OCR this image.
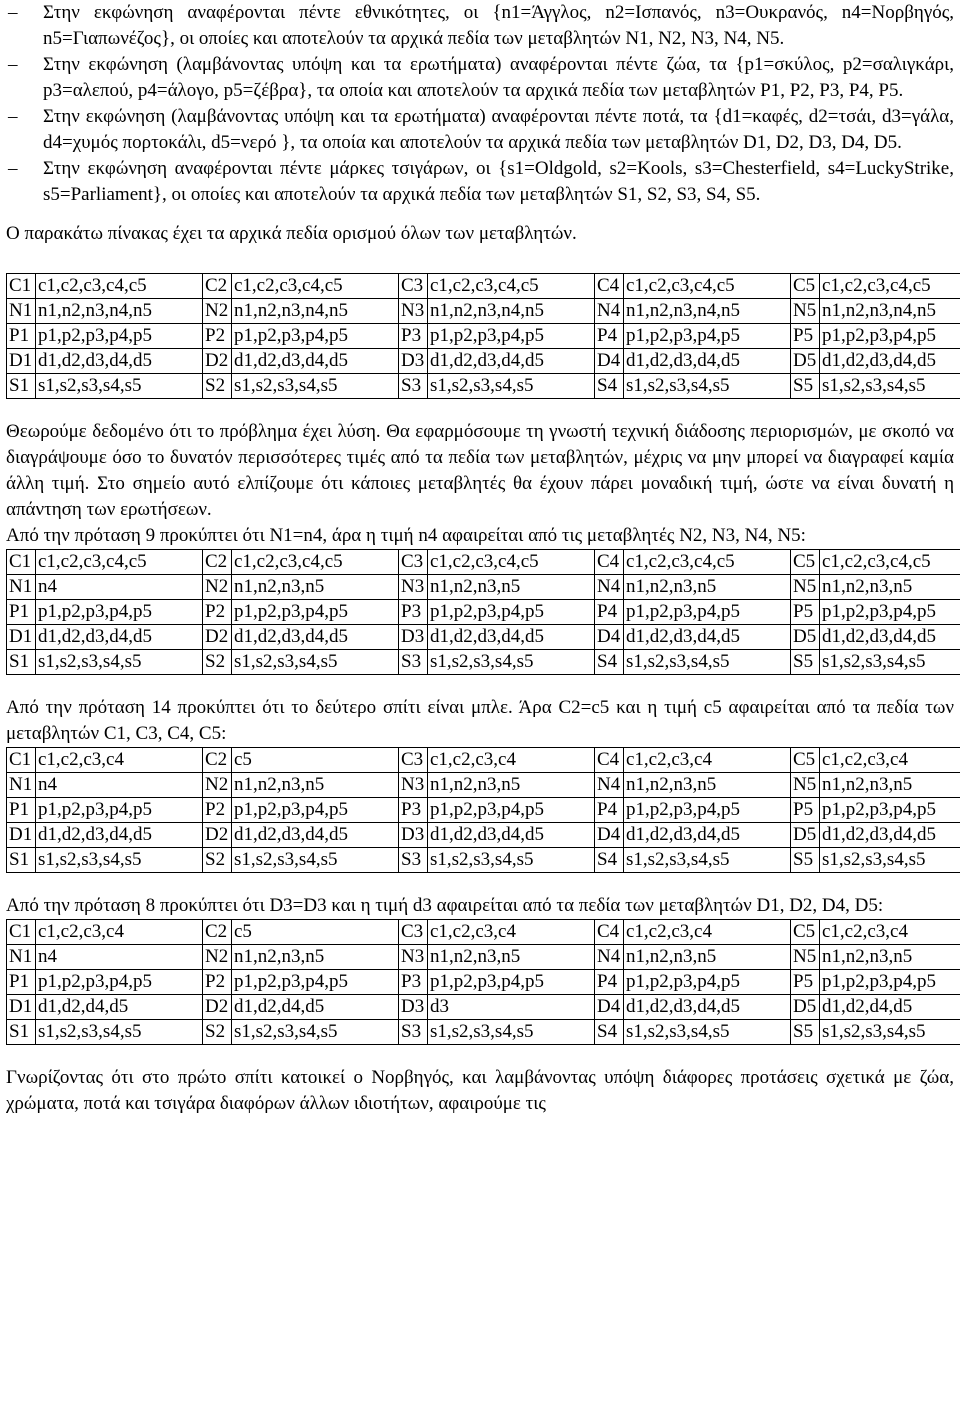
–	Στην εκφώνηση αναφέρονται πέντε εθνικότητες, οι {n1=Άγγλος, n2=Ισπανός, n3=Ουκρανός, n4=Νορβηγός, n5=Γιαπωνέζος}, οι οποίες και αποτελούν τα αρχικά πεδία των μεταβλητών N1, N2, N3, N4, N5.
–	Στην εκφώνηση (λαμβάνοντας υπόψη και τα ερωτήματα) αναφέρονται πέντε ζώα, τα {p1=σκύλος, p2=σαλιγκάρι, p3=αλεπού, p4=άλογο, p5=ζέβρα}, τα οποία και αποτελούν τα αρχικά πεδία των μεταβλητών P1, P2, P3, P4, P5.
–	Στην εκφώνηση (λαμβάνοντας υπόψη και τα ερωτήματα) αναφέρονται πέντε ποτά, τα {d1=καφές, d2=τσάι, d3=γάλα, d4=χυμός πορτοκάλι, d5=νερό }, τα οποία και αποτελούν τα αρχικά πεδία των μεταβλητών D1, D2, D3, D4, D5.
–	Στην εκφώνηση αναφέρονται πέντε μάρκες τσιγάρων, οι {s1=Oldgold, s2=Kools, s3=Chesterfield, s4=LuckyStrike, s5=Parliament}, οι οποίες και αποτελούν τα αρχικά πεδία των μεταβλητών S1, S2, S3, S4, S5.

Ο παρακάτω πίνακας έχει τα αρχικά πεδία ορισμού όλων των μεταβλητών.

C1	c1,c2,c3,c4,c5	C2	c1,c2,c3,c4,c5	C3	c1,c2,c3,c4,c5	C4	c1,c2,c3,c4,c5	C5	c1,c2,c3,c4,c5
N1	n1,n2,n3,n4,n5	N2	n1,n2,n3,n4,n5	N3	n1,n2,n3,n4,n5	N4	n1,n2,n3,n4,n5	N5	n1,n2,n3,n4,n5
P1	p1,p2,p3,p4,p5	P2	p1,p2,p3,p4,p5	P3	p1,p2,p3,p4,p5	P4	p1,p2,p3,p4,p5	P5	p1,p2,p3,p4,p5
D1	d1,d2,d3,d4,d5	D2	d1,d2,d3,d4,d5	D3	d1,d2,d3,d4,d5	D4	d1,d2,d3,d4,d5	D5	d1,d2,d3,d4,d5
S1	s1,s2,s3,s4,s5	S2	s1,s2,s3,s4,s5	S3	s1,s2,s3,s4,s5	S4	s1,s2,s3,s4,s5	S5	s1,s2,s3,s4,s5

Θεωρούμε δεδομένο ότι το πρόβλημα έχει λύση. Θα εφαρμόσουμε τη γνωστή τεχνική διάδοσης περιορισμών, με σκοπό να διαγράψουμε όσο το δυνατόν περισσότερες τιμές από τα πεδία των μεταβλητών, μέχρις να μην μπορεί να διαγραφεί καμία άλλη τιμή. Στο σημείο αυτό ελπίζουμε ότι κάποιες μεταβλητές θα έχουν πάρει μοναδική τιμή, ώστε να είναι δυνατή η απάντηση των ερωτήσεων.

Από την πρόταση 9 προκύπτει ότι N1=n4, άρα η τιμή n4 αφαιρείται από τις μεταβλητές N2, N3, N4, N5:

C1	c1,c2,c3,c4,c5	C2	c1,c2,c3,c4,c5	C3	c1,c2,c3,c4,c5	C4	c1,c2,c3,c4,c5	C5	c1,c2,c3,c4,c5
N1	n4	N2	n1,n2,n3,n5	N3	n1,n2,n3,n5	N4	n1,n2,n3,n5	N5	n1,n2,n3,n5
P1	p1,p2,p3,p4,p5	P2	p1,p2,p3,p4,p5	P3	p1,p2,p3,p4,p5	P4	p1,p2,p3,p4,p5	P5	p1,p2,p3,p4,p5
D1	d1,d2,d3,d4,d5	D2	d1,d2,d3,d4,d5	D3	d1,d2,d3,d4,d5	D4	d1,d2,d3,d4,d5	D5	d1,d2,d3,d4,d5
S1	s1,s2,s3,s4,s5	S2	s1,s2,s3,s4,s5	S3	s1,s2,s3,s4,s5	S4	s1,s2,s3,s4,s5	S5	s1,s2,s3,s4,s5

Από την πρόταση 14 προκύπτει ότι το δεύτερο σπίτι είναι μπλε. Άρα C2=c5 και η τιμή c5 αφαιρείται από τα πεδία των μεταβλητών C1, C3, C4, C5:

C1	c1,c2,c3,c4	C2	c5	C3	c1,c2,c3,c4	C4	c1,c2,c3,c4	C5	c1,c2,c3,c4
N1	n4	N2	n1,n2,n3,n5	N3	n1,n2,n3,n5	N4	n1,n2,n3,n5	N5	n1,n2,n3,n5
P1	p1,p2,p3,p4,p5	P2	p1,p2,p3,p4,p5	P3	p1,p2,p3,p4,p5	P4	p1,p2,p3,p4,p5	P5	p1,p2,p3,p4,p5
D1	d1,d2,d3,d4,d5	D2	d1,d2,d3,d4,d5	D3	d1,d2,d3,d4,d5	D4	d1,d2,d3,d4,d5	D5	d1,d2,d3,d4,d5
S1	s1,s2,s3,s4,s5	S2	s1,s2,s3,s4,s5	S3	s1,s2,s3,s4,s5	S4	s1,s2,s3,s4,s5	S5	s1,s2,s3,s4,s5

Από την πρόταση 8 προκύπτει ότι D3=D3 και η τιμή d3 αφαιρείται από τα πεδία των μεταβλητών D1, D2, D4, D5:

C1	c1,c2,c3,c4	C2	c5	C3	c1,c2,c3,c4	C4	c1,c2,c3,c4	C5	c1,c2,c3,c4
N1	n4	N2	n1,n2,n3,n5	N3	n1,n2,n3,n5	N4	n1,n2,n3,n5	N5	n1,n2,n3,n5
P1	p1,p2,p3,p4,p5	P2	p1,p2,p3,p4,p5	P3	p1,p2,p3,p4,p5	P4	p1,p2,p3,p4,p5	P5	p1,p2,p3,p4,p5
D1	d1,d2,d4,d5	D2	d1,d2,d4,d5	D3	d3	D4	d1,d2,d3,d4,d5	D5	d1,d2,d4,d5
S1	s1,s2,s3,s4,s5	S2	s1,s2,s3,s4,s5	S3	s1,s2,s3,s4,s5	S4	s1,s2,s3,s4,s5	S5	s1,s2,s3,s4,s5

Γνωρίζοντας ότι στο πρώτο σπίτι κατοικεί ο Νορβηγός, και λαμβάνοντας υπόψη διάφορες προτάσεις σχετικά με ζώα, χρώματα, ποτά και τσιγάρα διαφόρων άλλων ιδιοτήτων, αφαιρούμε τις
